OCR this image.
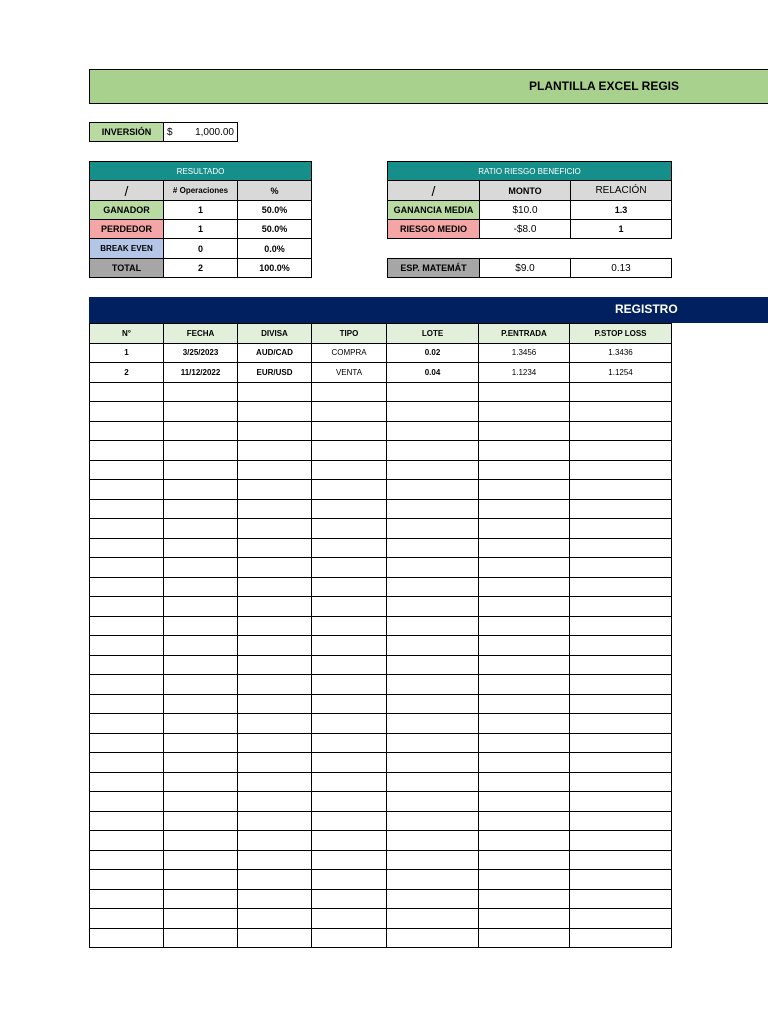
PLANTILLA EXCEL REGIS
INVERSIÓN	$ 1,000.00
RESULTADO
/	# Operaciones	%
GANADOR	1	50.0%
PERDEDOR	1	50.0%
BREAK EVEN	0	0.0%
TOTAL	2	100.0%
RATIO RIESGO BENEFICIO
/	MONTO	RELACIÓN
GANANCIA MEDIA	$10.0	1.3
RIESGO MEDIO	-$8.0	1
ESP. MATEMÁT	$9.0	0.13
REGISTRO
N°	FECHA	DIVISA	TIPO	LOTE	P.ENTRADA	P.STOP LOSS
1	3/25/2023	AUD/CAD	COMPRA	0.02	1.3456	1.3436
2	11/12/2022	EUR/USD	VENTA	0.04	1.1234	1.1254
